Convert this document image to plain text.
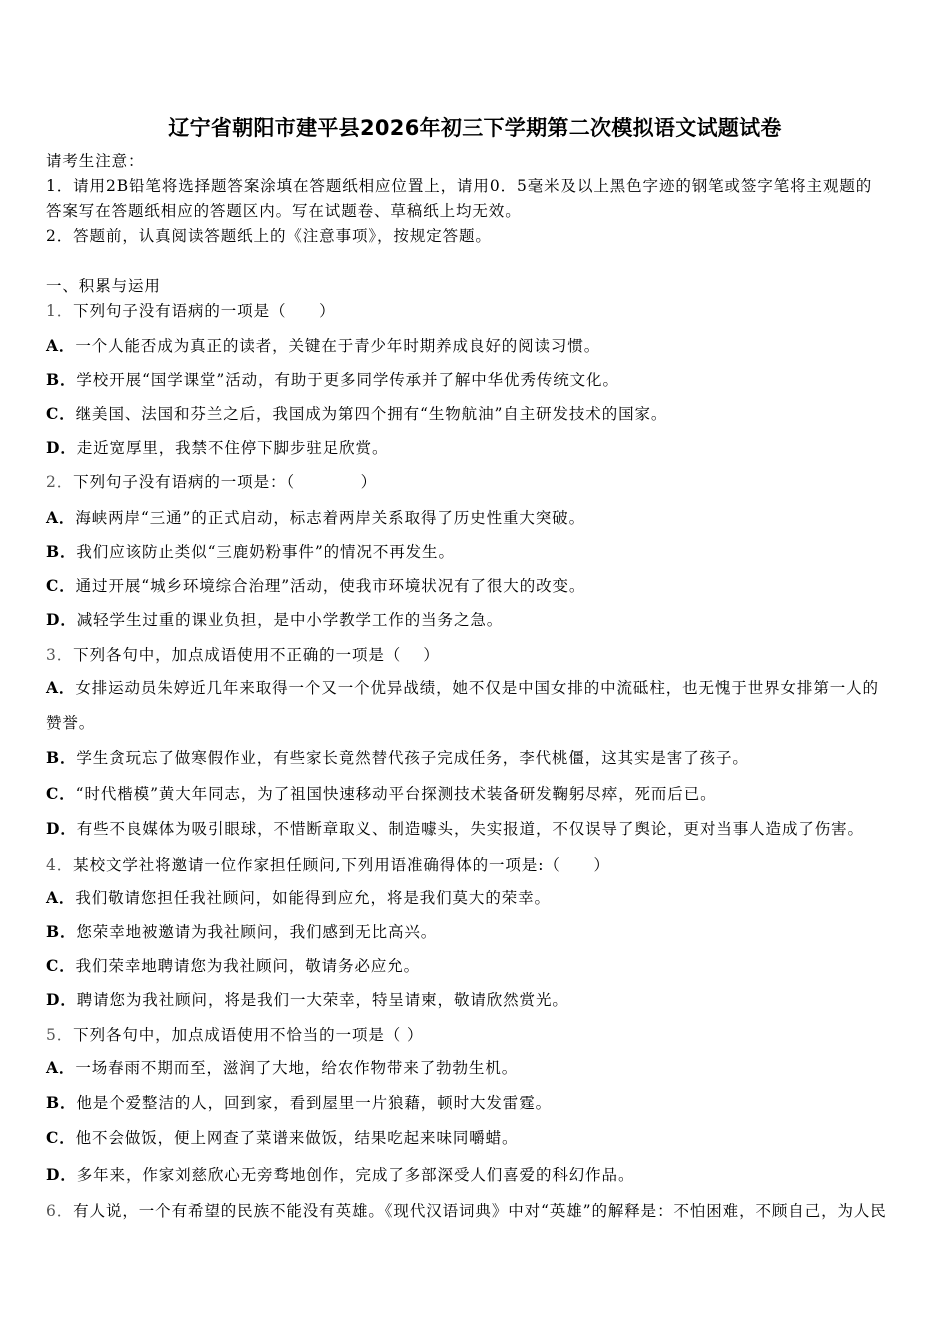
辽宁省朝阳市建平县2026年初三下学期第二次模拟语文试题试卷
请考生注意：
1．请用2B铅笔将选择题答案涂填在答题纸相应位置上，请用0．5毫米及以上黑色字迹的钢笔或签字笔将主观题的
答案写在答题纸相应的答题区内。写在试题卷、草稿纸上均无效。
2．答题前，认真阅读答题纸上的《注意事项》，按规定答题。
一、积累与运用
1．下列句子没有语病的一项是（　　）
A．一个人能否成为真正的读者，关键在于青少年时期养成良好的阅读习惯。
B．学校开展“国学课堂”活动，有助于更多同学传承并了解中华优秀传统文化。
C．继美国、法国和芬兰之后，我国成为第四个拥有“生物航油”自主研发技术的国家。
D．走近宽厚里，我禁不住停下脚步驻足欣赏。
2．下列句子没有语病的一项是：（　　　　）
A．海峡两岸“三通”的正式启动，标志着两岸关系取得了历史性重大突破。
B．我们应该防止类似“三鹿奶粉事件”的情况不再发生。
C．通过开展“城乡环境综合治理”活动，使我市环境状况有了很大的改变。
D．减轻学生过重的课业负担，是中小学教学工作的当务之急。
3．下列各句中，加点成语使用不正确的一项是（　 ）
A．女排运动员朱婷近几年来取得一个又一个优异战绩，她不仅是中国女排的中流砥柱，也无愧于世界女排第一人的
赞誉。
B．学生贪玩忘了做寒假作业，有些家长竟然替代孩子完成任务，李代桃僵，这其实是害了孩子。
C．“时代楷模”黄大年同志，为了祖国快速移动平台探测技术装备研发鞠躬尽瘁，死而后已。
D．有些不良媒体为吸引眼球，不惜断章取义、制造噱头，失实报道，不仅误导了舆论，更对当事人造成了伤害。
4．某校文学社将邀请一位作家担任顾问,下列用语准确得体的一项是:（　　）
A．我们敬请您担任我社顾问，如能得到应允，将是我们莫大的荣幸。
B．您荣幸地被邀请为我社顾问，我们感到无比高兴。
C．我们荣幸地聘请您为我社顾问，敬请务必应允。
D．聘请您为我社顾问，将是我们一大荣幸，特呈请柬，敬请欣然赏光。
5．下列各句中，加点成语使用不恰当的一项是（ ）
A．一场春雨不期而至，滋润了大地，给农作物带来了勃勃生机。
B．他是个爱整洁的人，回到家，看到屋里一片狼藉，顿时大发雷霆。
C．他不会做饭，便上网查了菜谱来做饭，结果吃起来味同嚼蜡。
D．多年来，作家刘慈欣心无旁骛地创作，完成了多部深受人们喜爱的科幻作品。
6．有人说，一个有希望的民族不能没有英雄。《现代汉语词典》中对“英雄”的解释是：不怕困难，不顾自己，为人民
